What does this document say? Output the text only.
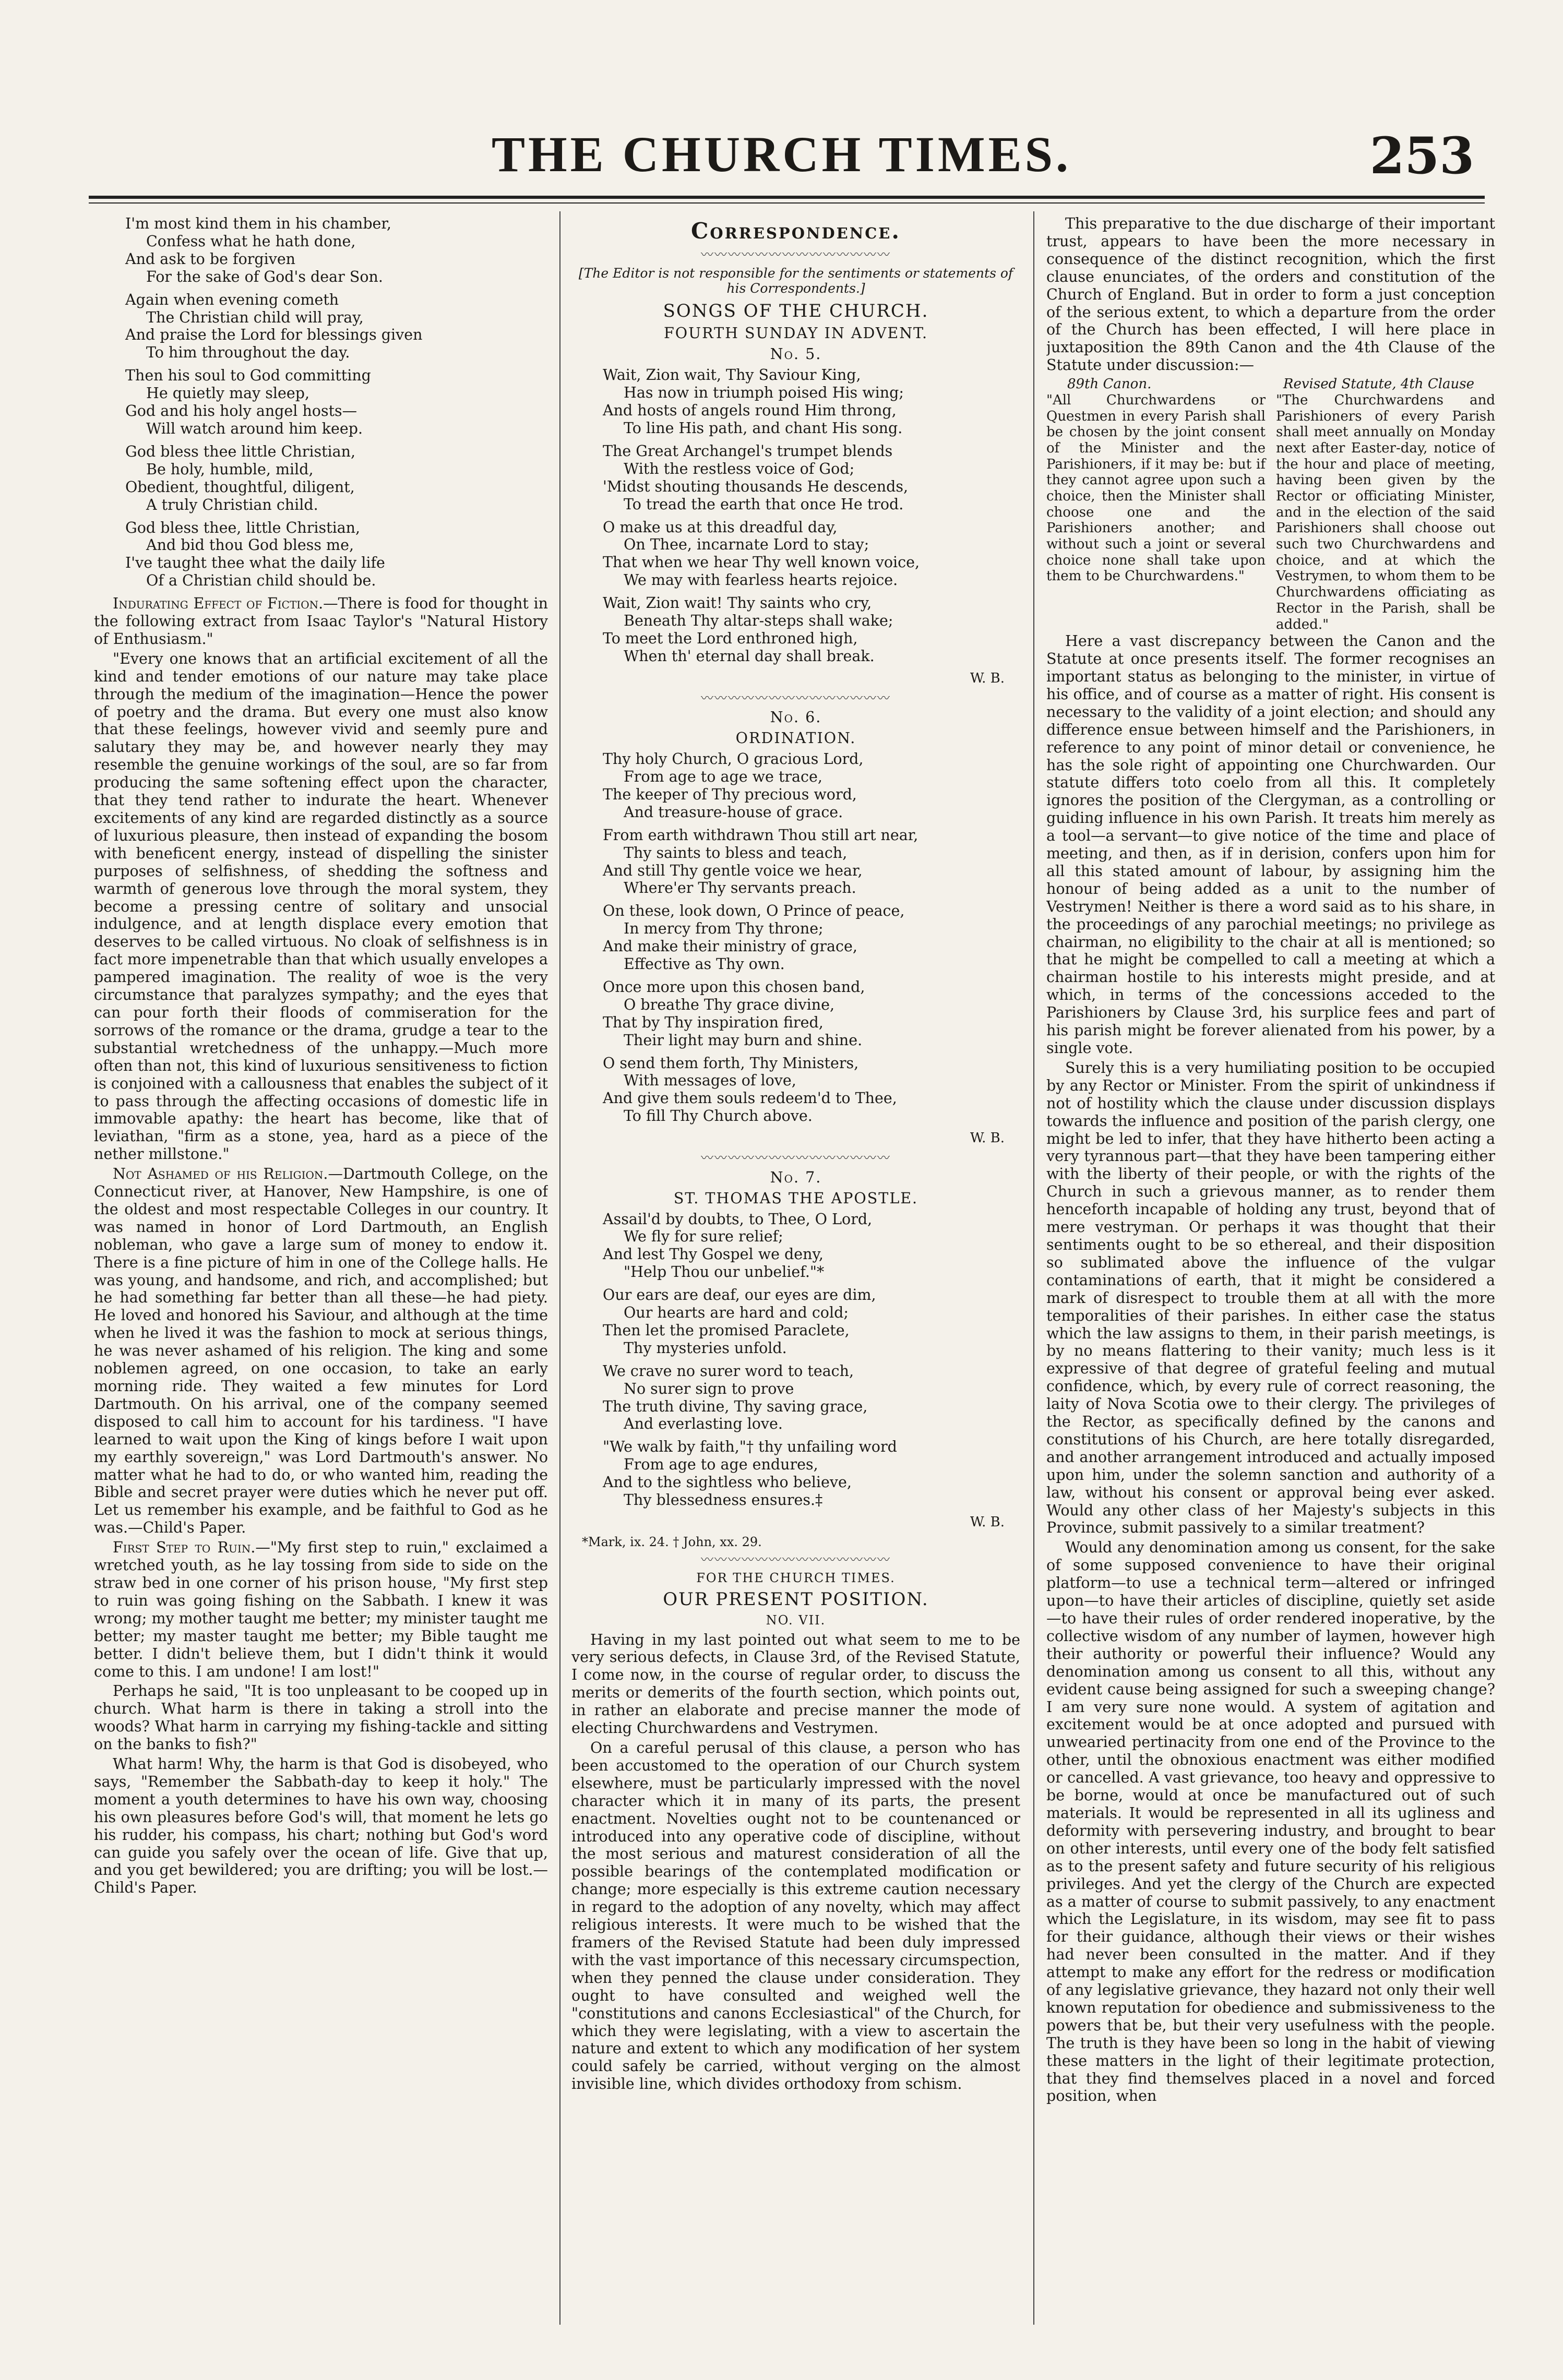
THE CHURCH TIMES.	253
I'm most kind them in his chamber,
Confess what he hath done,
And ask to be forgiven
For the sake of God's dear Son.
Again when evening cometh
The Christian child will pray,
And praise the Lord for blessings given
To him throughout the day.
Then his soul to God committing
He quietly may sleep,
God and his holy angel hosts—
Will watch around him keep.
God bless thee little Christian,
Be holy, humble, mild,
Obedient, thoughtful, diligent,
A truly Christian child.
God bless thee, little Christian,
And bid thou God bless me,
I've taught thee what the daily life
Of a Christian child should be.

Indurating Effect of Fiction.—There is food for thought in the following extract from Isaac Taylor's "Natural History of Enthusiasm."

"Every one knows that an artificial excitement of all the kind and tender emotions of our nature may take place through the medium of the imagination—Hence the power of poetry and the drama. But every one must also know that these feelings, however vivid and seemly pure and salutary they may be, and however nearly they may resemble the genuine workings of the soul, are so far from producing the same softening effect upon the character, that they tend rather to indurate the heart. Whenever excitements of any kind are regarded distinctly as a source of luxurious pleasure, then instead of expanding the bosom with beneficent energy, instead of dispelling the sinister purposes of selfishness, of shedding the softness and warmth of generous love through the moral system, they become a pressing centre of solitary and unsocial indulgence, and at length displace every emotion that deserves to be called virtuous. No cloak of selfishness is in fact more impenetrable than that which usually envelopes a pampered imagination. The reality of woe is the very circumstance that paralyzes sympathy; and the eyes that can pour forth their floods of commiseration for the sorrows of the romance or the drama, grudge a tear to the substantial wretchedness of the unhappy.—Much more often than not, this kind of luxurious sensitiveness to fiction is conjoined with a callousness that enables the subject of it to pass through the affecting occasions of domestic life in immovable apathy: the heart has become, like that of leviathan, "firm as a stone, yea, hard as a piece of the nether millstone."

Not Ashamed of his Religion.—Dartmouth College, on the Connecticut river, at Hanover, New Hampshire, is one of the oldest and most respectable Colleges in our country. It was named in honor of Lord Dartmouth, an English nobleman, who gave a large sum of money to endow it. There is a fine picture of him in one of the College halls. He was young, and handsome, and rich, and accomplished; but he had something far better than all these—he had piety. He loved and honored his Saviour, and although at the time when he lived it was the fashion to mock at serious things, he was never ashamed of his religion. The king and some noblemen agreed, on one occasion, to take an early morning ride. They waited a few minutes for Lord Dartmouth. On his arrival, one of the company seemed disposed to call him to account for his tardiness. "I have learned to wait upon the King of kings before I wait upon my earthly sovereign," was Lord Dartmouth's answer. No matter what he had to do, or who wanted him, reading the Bible and secret prayer were duties which he never put off. Let us remember his example, and be faithful to God as he was.—Child's Paper.

First Step to Ruin.—"My first step to ruin," exclaimed a wretched youth, as he lay tossing from side to side on the straw bed in one corner of his prison house, "My first step to ruin was going fishing on the Sabbath. I knew it was wrong; my mother taught me better; my minister taught me better; my master taught me better; my Bible taught me better. I didn't believe them, but I didn't think it would come to this. I am undone! I am lost!"

Perhaps he said, "It is too unpleasant to be cooped up in church. What harm is there in taking a stroll into the woods? What harm in carrying my fishing-tackle and sitting on the banks to fish?"

What harm! Why, the harm is that God is disobeyed, who says, "Remember the Sabbath-day to keep it holy." The moment a youth determines to have his own way, choosing his own pleasures before God's will, that moment he lets go his rudder, his compass, his chart; nothing but God's word can guide you safely over the ocean of life. Give that up, and you get bewildered; you are drifting; you will be lost.—Child's Paper.

Correspondence.
〰〰〰〰〰〰〰〰〰〰〰〰〰〰
[The Editor is not responsible for the sentiments or statements of his Correspondents.]
SONGS OF THE CHURCH.
FOURTH SUNDAY IN ADVENT.
No. 5.
Wait, Zion wait, Thy Saviour King,
Has now in triumph poised His wing;
And hosts of angels round Him throng,
To line His path, and chant His song.
The Great Archangel's trumpet blends
With the restless voice of God;
'Midst shouting thousands He descends,
To tread the earth that once He trod.
O make us at this dreadful day,
On Thee, incarnate Lord to stay;
That when we hear Thy well known voice,
We may with fearless hearts rejoice.
Wait, Zion wait! Thy saints who cry,
Beneath Thy altar-steps shall wake;
To meet the Lord enthroned high,
When th' eternal day shall break.
W. B.
〰〰〰〰〰〰〰〰〰〰〰〰〰〰
No. 6.
ORDINATION.
Thy holy Church, O gracious Lord,
From age to age we trace,
The keeper of Thy precious word,
And treasure-house of grace.
From earth withdrawn Thou still art near,
Thy saints to bless and teach,
And still Thy gentle voice we hear,
Where'er Thy servants preach.
On these, look down, O Prince of peace,
In mercy from Thy throne;
And make their ministry of grace,
Effective as Thy own.
Once more upon this chosen band,
O breathe Thy grace divine,
That by Thy inspiration fired,
Their light may burn and shine.
O send them forth, Thy Ministers,
With messages of love,
And give them souls redeem'd to Thee,
To fill Thy Church above.
W. B.
〰〰〰〰〰〰〰〰〰〰〰〰〰〰
No. 7.
ST. THOMAS THE APOSTLE.
Assail'd by doubts, to Thee, O Lord,
We fly for sure relief;
And lest Thy Gospel we deny,
"Help Thou our unbelief."*
Our ears are deaf, our eyes are dim,
Our hearts are hard and cold;
Then let the promised Paraclete,
Thy mysteries unfold.
We crave no surer word to teach,
No surer sign to prove
The truth divine, Thy saving grace,
And everlasting love.
"We walk by faith,"† thy unfailing word
From age to age endures,
And to the sightless who believe,
Thy blessedness ensures.‡
W. B.
*Mark, ix. 24. † John, xx. 29.
〰〰〰〰〰〰〰〰〰〰〰〰〰〰
FOR THE CHURCH TIMES.
OUR PRESENT POSITION.
NO. VII.

Having in my last pointed out what seem to me to be very serious defects, in Clause 3rd, of the Revised Statute, I come now, in the course of regular order, to discuss the merits or demerits of the fourth section, which points out, in rather an elaborate and precise manner the mode of electing Churchwardens and Vestrymen.

On a careful perusal of this clause, a person who has been accustomed to the operation of our Church system elsewhere, must be particularly impressed with the novel character which it in many of its parts, the present enactment. Novelties ought not to be countenanced or introduced into any operative code of discipline, without the most serious and maturest consideration of all the possible bearings of the contemplated modification or change; more especially is this extreme caution necessary in regard to the adoption of any novelty, which may affect religious interests. It were much to be wished that the framers of the Revised Statute had been duly impressed with the vast importance of this necessary circumspection, when they penned the clause under consideration. They ought to have consulted and weighed well the "constitutions and canons Ecclesiastical" of the Church, for which they were legislating, with a view to ascertain the nature and extent to which any modification of her system could safely be carried, without verging on the almost invisible line, which divides orthodoxy from schism.

This preparative to the due discharge of their important trust, appears to have been the more necessary in consequence of the distinct recognition, which the first clause enunciates, of the orders and constitution of the Church of England. But in order to form a just conception of the serious extent, to which a departure from the order of the Church has been effected, I will here place in juxtaposition the 89th Canon and the 4th Clause of the Statute under discussion:—

89th Canon.	Revised Statute, 4th Clause
"All Churchwardens or Questmen in every Parish shall be chosen by the joint consent of the Minister and the Parishioners, if it may be: but if they cannot agree upon such a choice, then the Minister shall choose one and the Parishioners another; and without such a joint or several choice none shall take upon them to be Churchwardens."
"The Churchwardens and Parishioners of every Parish shall meet annually on Monday next after Easter-day, notice of the hour and place of meeting, having been given by the Rector or officiating Minister, and in the election of the said Parishioners shall choose out such two Churchwardens and choice, and at which the Vestrymen, to whom them to be Churchwardens officiating as Rector in the Parish, shall be added."

Here a vast discrepancy between the Canon and the Statute at once presents itself. The former recognises an important status as belonging to the minister, in virtue of his office, and of course as a matter of right. His consent is necessary to the validity of a joint election; and should any difference ensue between himself and the Parishioners, in reference to any point of minor detail or convenience, he has the sole right of appointing one Churchwarden. Our statute differs toto coelo from all this. It completely ignores the position of the Clergyman, as a controlling or guiding influence in his own Parish. It treats him merely as a tool—a servant—to give notice of the time and place of meeting, and then, as if in derision, confers upon him for all this stated amount of labour, by assigning him the honour of being added as a unit to the number of Vestrymen! Neither is there a word said as to his share, in the proceedings of any parochial meetings; no privilege as chairman, no eligibility to the chair at all is mentioned; so that he might be compelled to call a meeting at which a chairman hostile to his interests might preside, and at which, in terms of the concessions acceded to the Parishioners by Clause 3rd, his surplice fees and part of his parish might be forever alienated from his power, by a single vote.

Surely this is a very humiliating position to be occupied by any Rector or Minister. From the spirit of unkindness if not of hostility which the clause under discussion displays towards the influence and position of the parish clergy, one might be led to infer, that they have hitherto been acting a very tyrannous part—that they have been tampering either with the liberty of their people, or with the rights of the Church in such a grievous manner, as to render them henceforth incapable of holding any trust, beyond that of mere vestryman. Or perhaps it was thought that their sentiments ought to be so ethereal, and their disposition so sublimated above the influence of the vulgar contaminations of earth, that it might be considered a mark of disrespect to trouble them at all with the more temporalities of their parishes. In either case the status which the law assigns to them, in their parish meetings, is by no means flattering to their vanity; much less is it expressive of that degree of grateful feeling and mutual confidence, which, by every rule of correct reasoning, the laity of Nova Scotia owe to their clergy. The privileges of the Rector, as specifically defined by the canons and constitutions of his Church, are here totally disregarded, and another arrangement introduced and actually imposed upon him, under the solemn sanction and authority of a law, without his consent or approval being ever asked. Would any other class of her Majesty's subjects in this Province, submit passively to a similar treatment?

Would any denomination among us consent, for the sake of some supposed convenience to have their original platform—to use a technical term—altered or infringed upon—to have their articles of discipline, quietly set aside—to have their rules of order rendered inoperative, by the collective wisdom of any number of laymen, however high their authority or powerful their influence? Would any denomination among us consent to all this, without any evident cause being assigned for such a sweeping change? I am very sure none would. A system of agitation and excitement would be at once adopted and pursued with unwearied pertinacity from one end of the Province to the other, until the obnoxious enactment was either modified or cancelled. A vast grievance, too heavy and oppressive to be borne, would at once be manufactured out of such materials. It would be represented in all its ugliness and deformity with persevering industry, and brought to bear on other interests, until every one of the body felt satisfied as to the present safety and future security of his religious privileges. And yet the clergy of the Church are expected as a matter of course to submit passively, to any enactment which the Legislature, in its wisdom, may see fit to pass for their guidance, although their views or their wishes had never been consulted in the matter. And if they attempt to make any effort for the redress or modification of any legislative grievance, they hazard not only their well known reputation for obedience and submissiveness to the powers that be, but their very usefulness with the people. The truth is they have been so long in the habit of viewing these matters in the light of their legitimate protection, that they find themselves placed in a novel and forced position, when
